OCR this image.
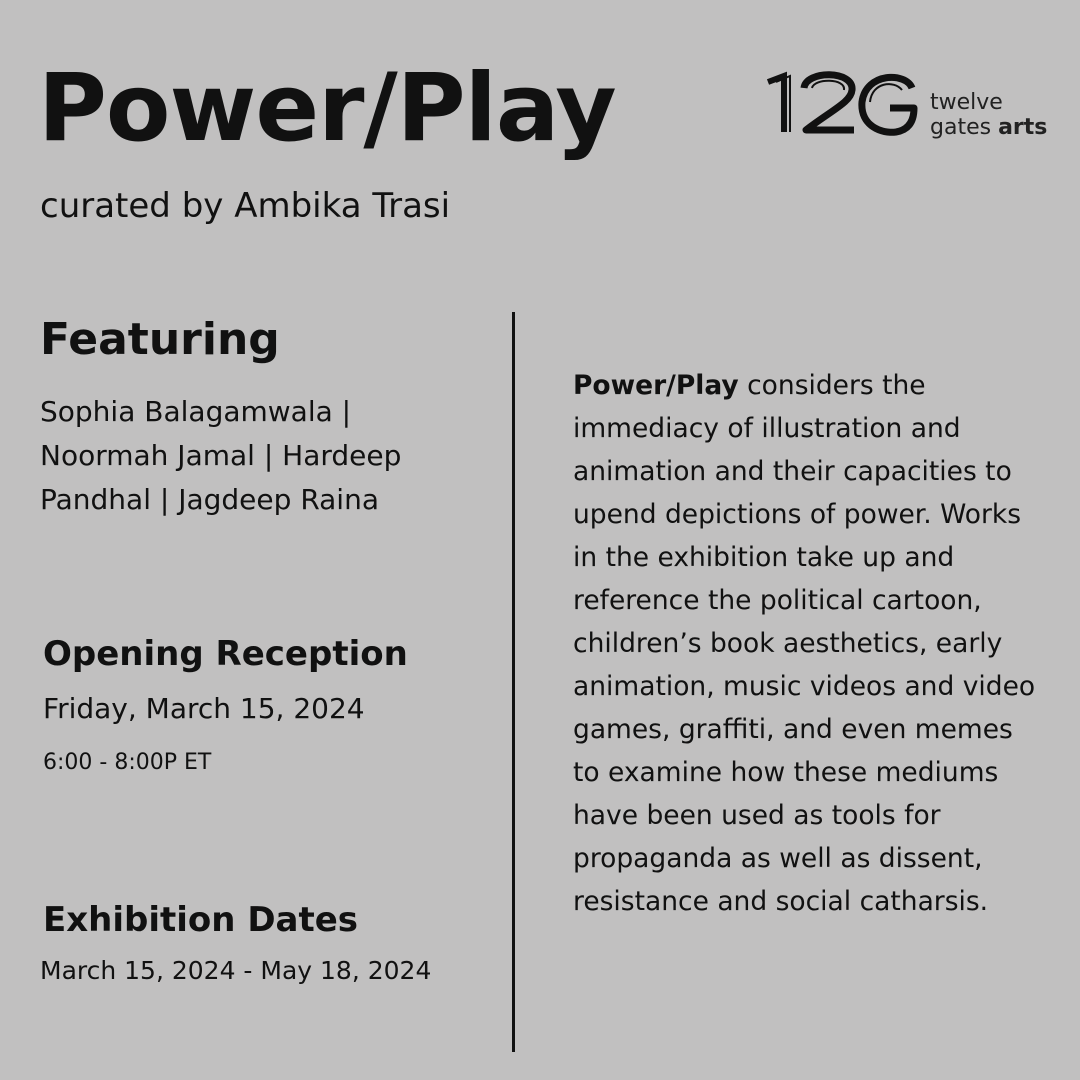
Power/Play
curated by Ambika Trasi
twelve
gates arts
Featuring
Sophia Balagamwala | Noormah Jamal | Hardeep Pandhal | Jagdeep Raina
Opening Reception
Friday, March 15, 2024
6:00 - 8:00P ET
Exhibition Dates
March 15, 2024 - May 18, 2024
Power/Play considers the immediacy of illustration and animation and their capacities to upend depictions of power. Works in the exhibition take up and reference the political cartoon, children’s book aesthetics, early animation, music videos and video games, graffiti, and even memes to examine how these mediums have been used as tools for propaganda as well as dissent, resistance and social catharsis.
